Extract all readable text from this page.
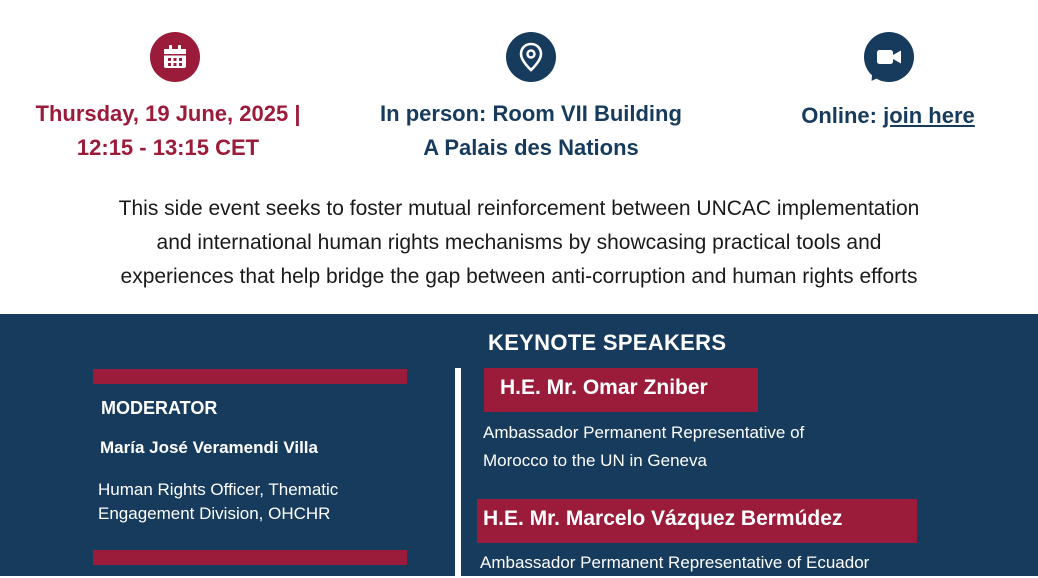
Thursday, 19 June, 2025 |
12:15 - 13:15 CET
In person: Room VII Building
A Palais des Nations
Online: join here
This side event seeks to foster mutual reinforcement between UNCAC implementation
and international human rights mechanisms by showcasing practical tools and
experiences that help bridge the gap between anti-corruption and human rights efforts
KEYNOTE SPEAKERS
MODERATOR
María José Veramendi Villa
Human Rights Officer, Thematic
Engagement Division, OHCHR
H.E. Mr. Omar Zniber
Ambassador Permanent Representative of
Morocco to the UN in Geneva
H.E. Mr. Marcelo Vázquez Bermúdez
Ambassador Permanent Representative of Ecuador
